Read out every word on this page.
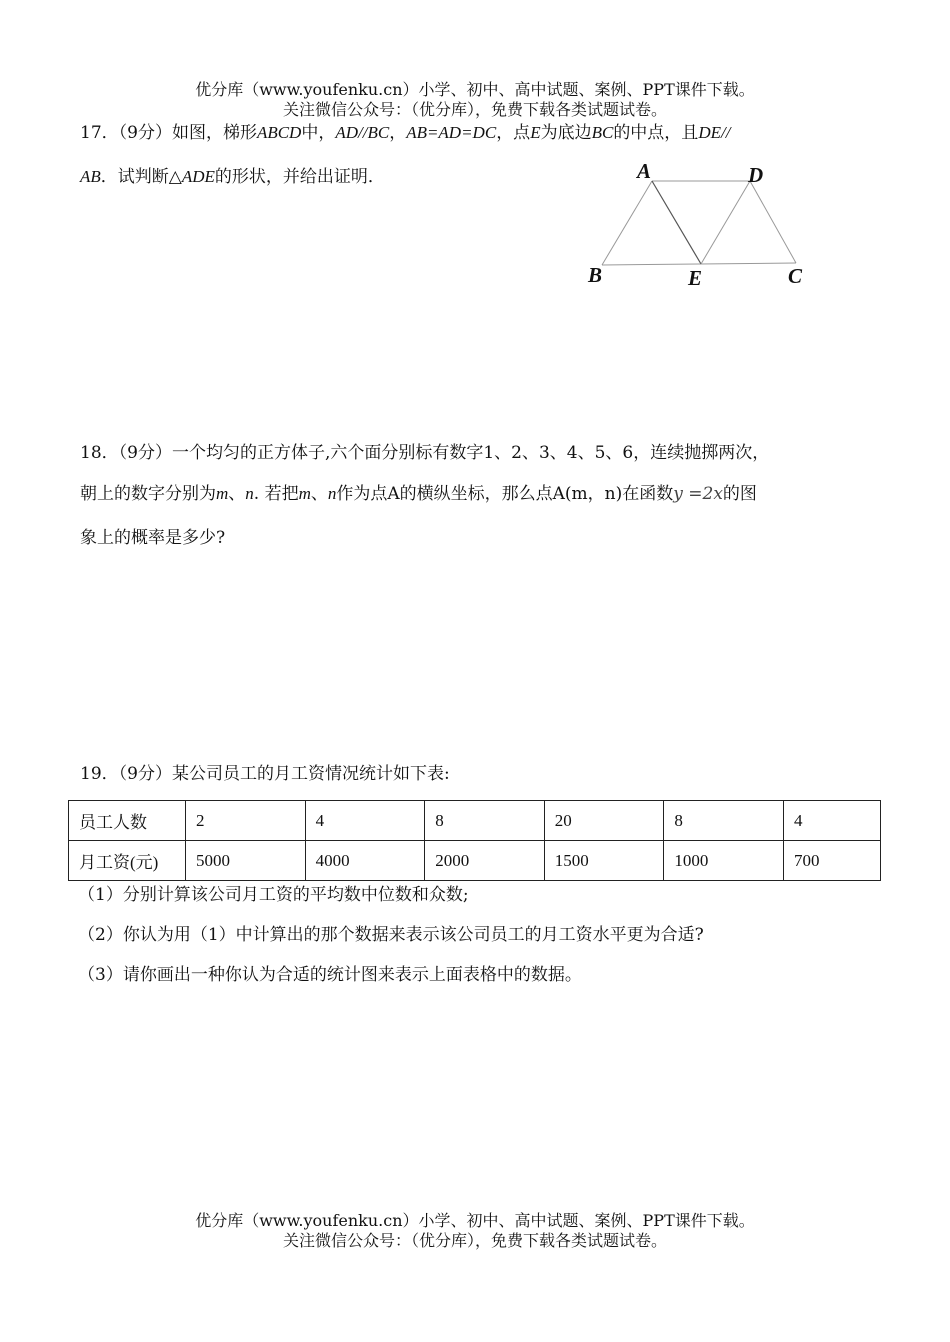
优分库（www.youfenku.cn）小学、初中、高中试题、案例、PPT课件下载。
关注微信公众号：（优分库），免费下载各类试题试卷。
17．（9分）如图，梯形ABCD中，AD//BC，AB=AD=DC，点E为底边BC的中点，且DE//
AB．试判断△ADE的形状，并给出证明．	A	D
B	E	C
18．（9分）一个均匀的正方体子,六个面分别标有数字1、2、3、4、5、6，连续抛掷两次，
朝上的数字分别为m、n. 若把m、n作为点A的横纵坐标，那么点A(m，n)在函数y =2x的图
象上的概率是多少?
19．（9分）某公司员工的月工资情况统计如下表:
员工人数	2	4	8	20	8	4
月工资(元)	5000	4000	2000	1500	1000	700
（1）分别计算该公司月工资的平均数中位数和众数;
（2）你认为用（1）中计算出的那个数据来表示该公司员工的月工资水平更为合适?
（3）请你画出一种你认为合适的统计图来表示上面表格中的数据。
优分库（www.youfenku.cn）小学、初中、高中试题、案例、PPT课件下载。
关注微信公众号：（优分库），免费下载各类试题试卷。
